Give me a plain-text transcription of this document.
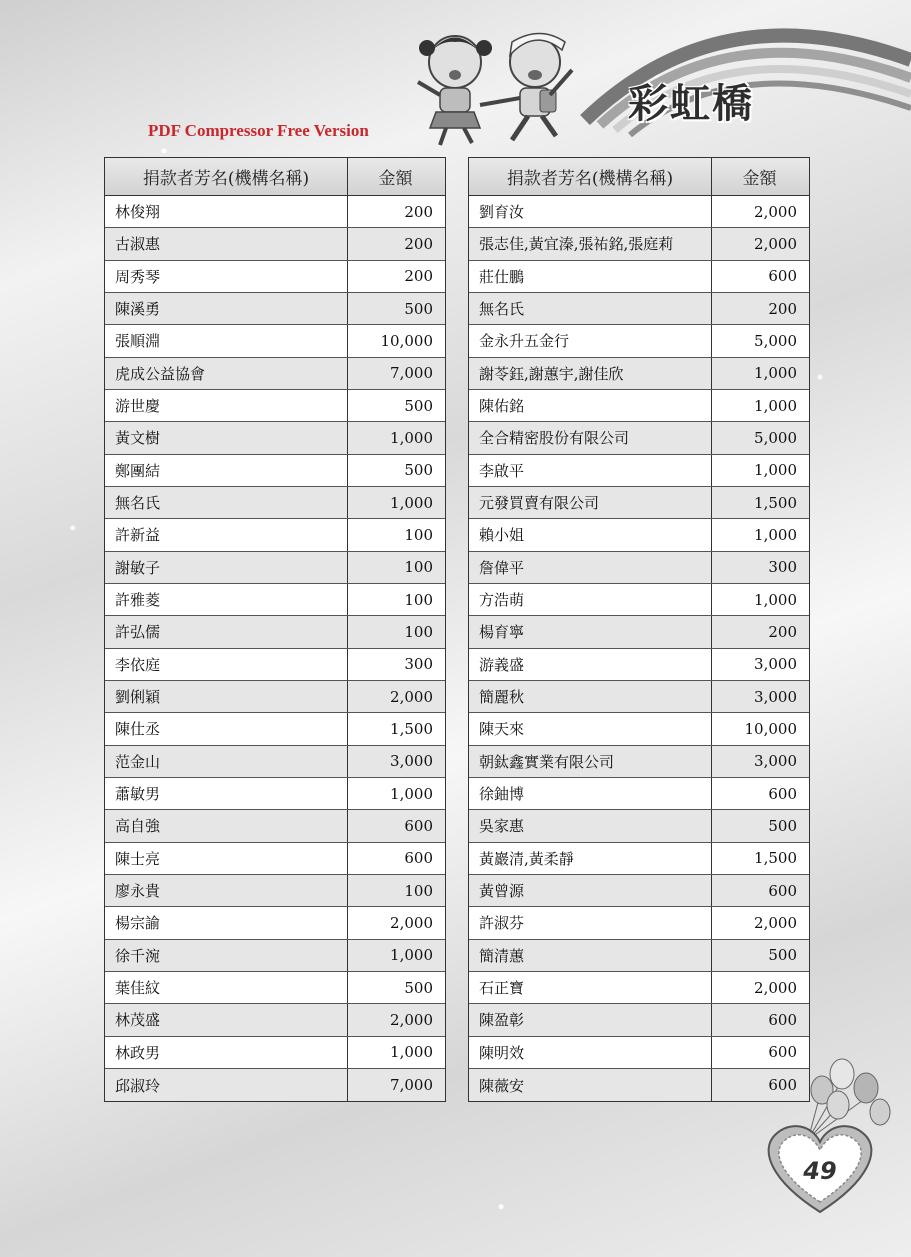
PDF Compressor Free Version
彩虹橋
捐款者芳名(機構名稱)	金額
林俊翔	200
古淑惠	200
周秀琴	200
陳溪勇	500
張順淵	10,000
虎成公益協會	7,000
游世慶	500
黃文樹	1,000
鄭團結	500
無名氏	1,000
許新益	100
謝敏子	100
許雅菱	100
許弘儒	100
李依庭	300
劉俐穎	2,000
陳仕丞	1,500
范金山	3,000
蕭敏男	1,000
高自強	600
陳士亮	600
廖永貴	100
楊宗諭	2,000
徐千涴	1,000
葉佳紋	500
林茂盛	2,000
林政男	1,000
邱淑玲	7,000
捐款者芳名(機構名稱)	金額
劉育汝	2,000
張志佳,黃宜溱,張祐銘,張庭莉	2,000
莊仕鵬	600
無名氏	200
金永升五金行	5,000
謝苓鈺,謝蕙宇,謝佳欣	1,000
陳佑銘	1,000
全合精密股份有限公司	5,000
李啟平	1,000
元發買賣有限公司	1,500
賴小姐	1,000
詹偉平	300
方浩萌	1,000
楊育寧	200
游義盛	3,000
簡麗秋	3,000
陳天來	10,000
朝鈦鑫實業有限公司	3,000
徐鈾博	600
吳家惠	500
黃巖清,黃柔靜	1,500
黃曾源	600
許淑芬	2,000
簡清蕙	500
石正寶	2,000
陳盈彰	600
陳明效	600
陳薇安	600
49
